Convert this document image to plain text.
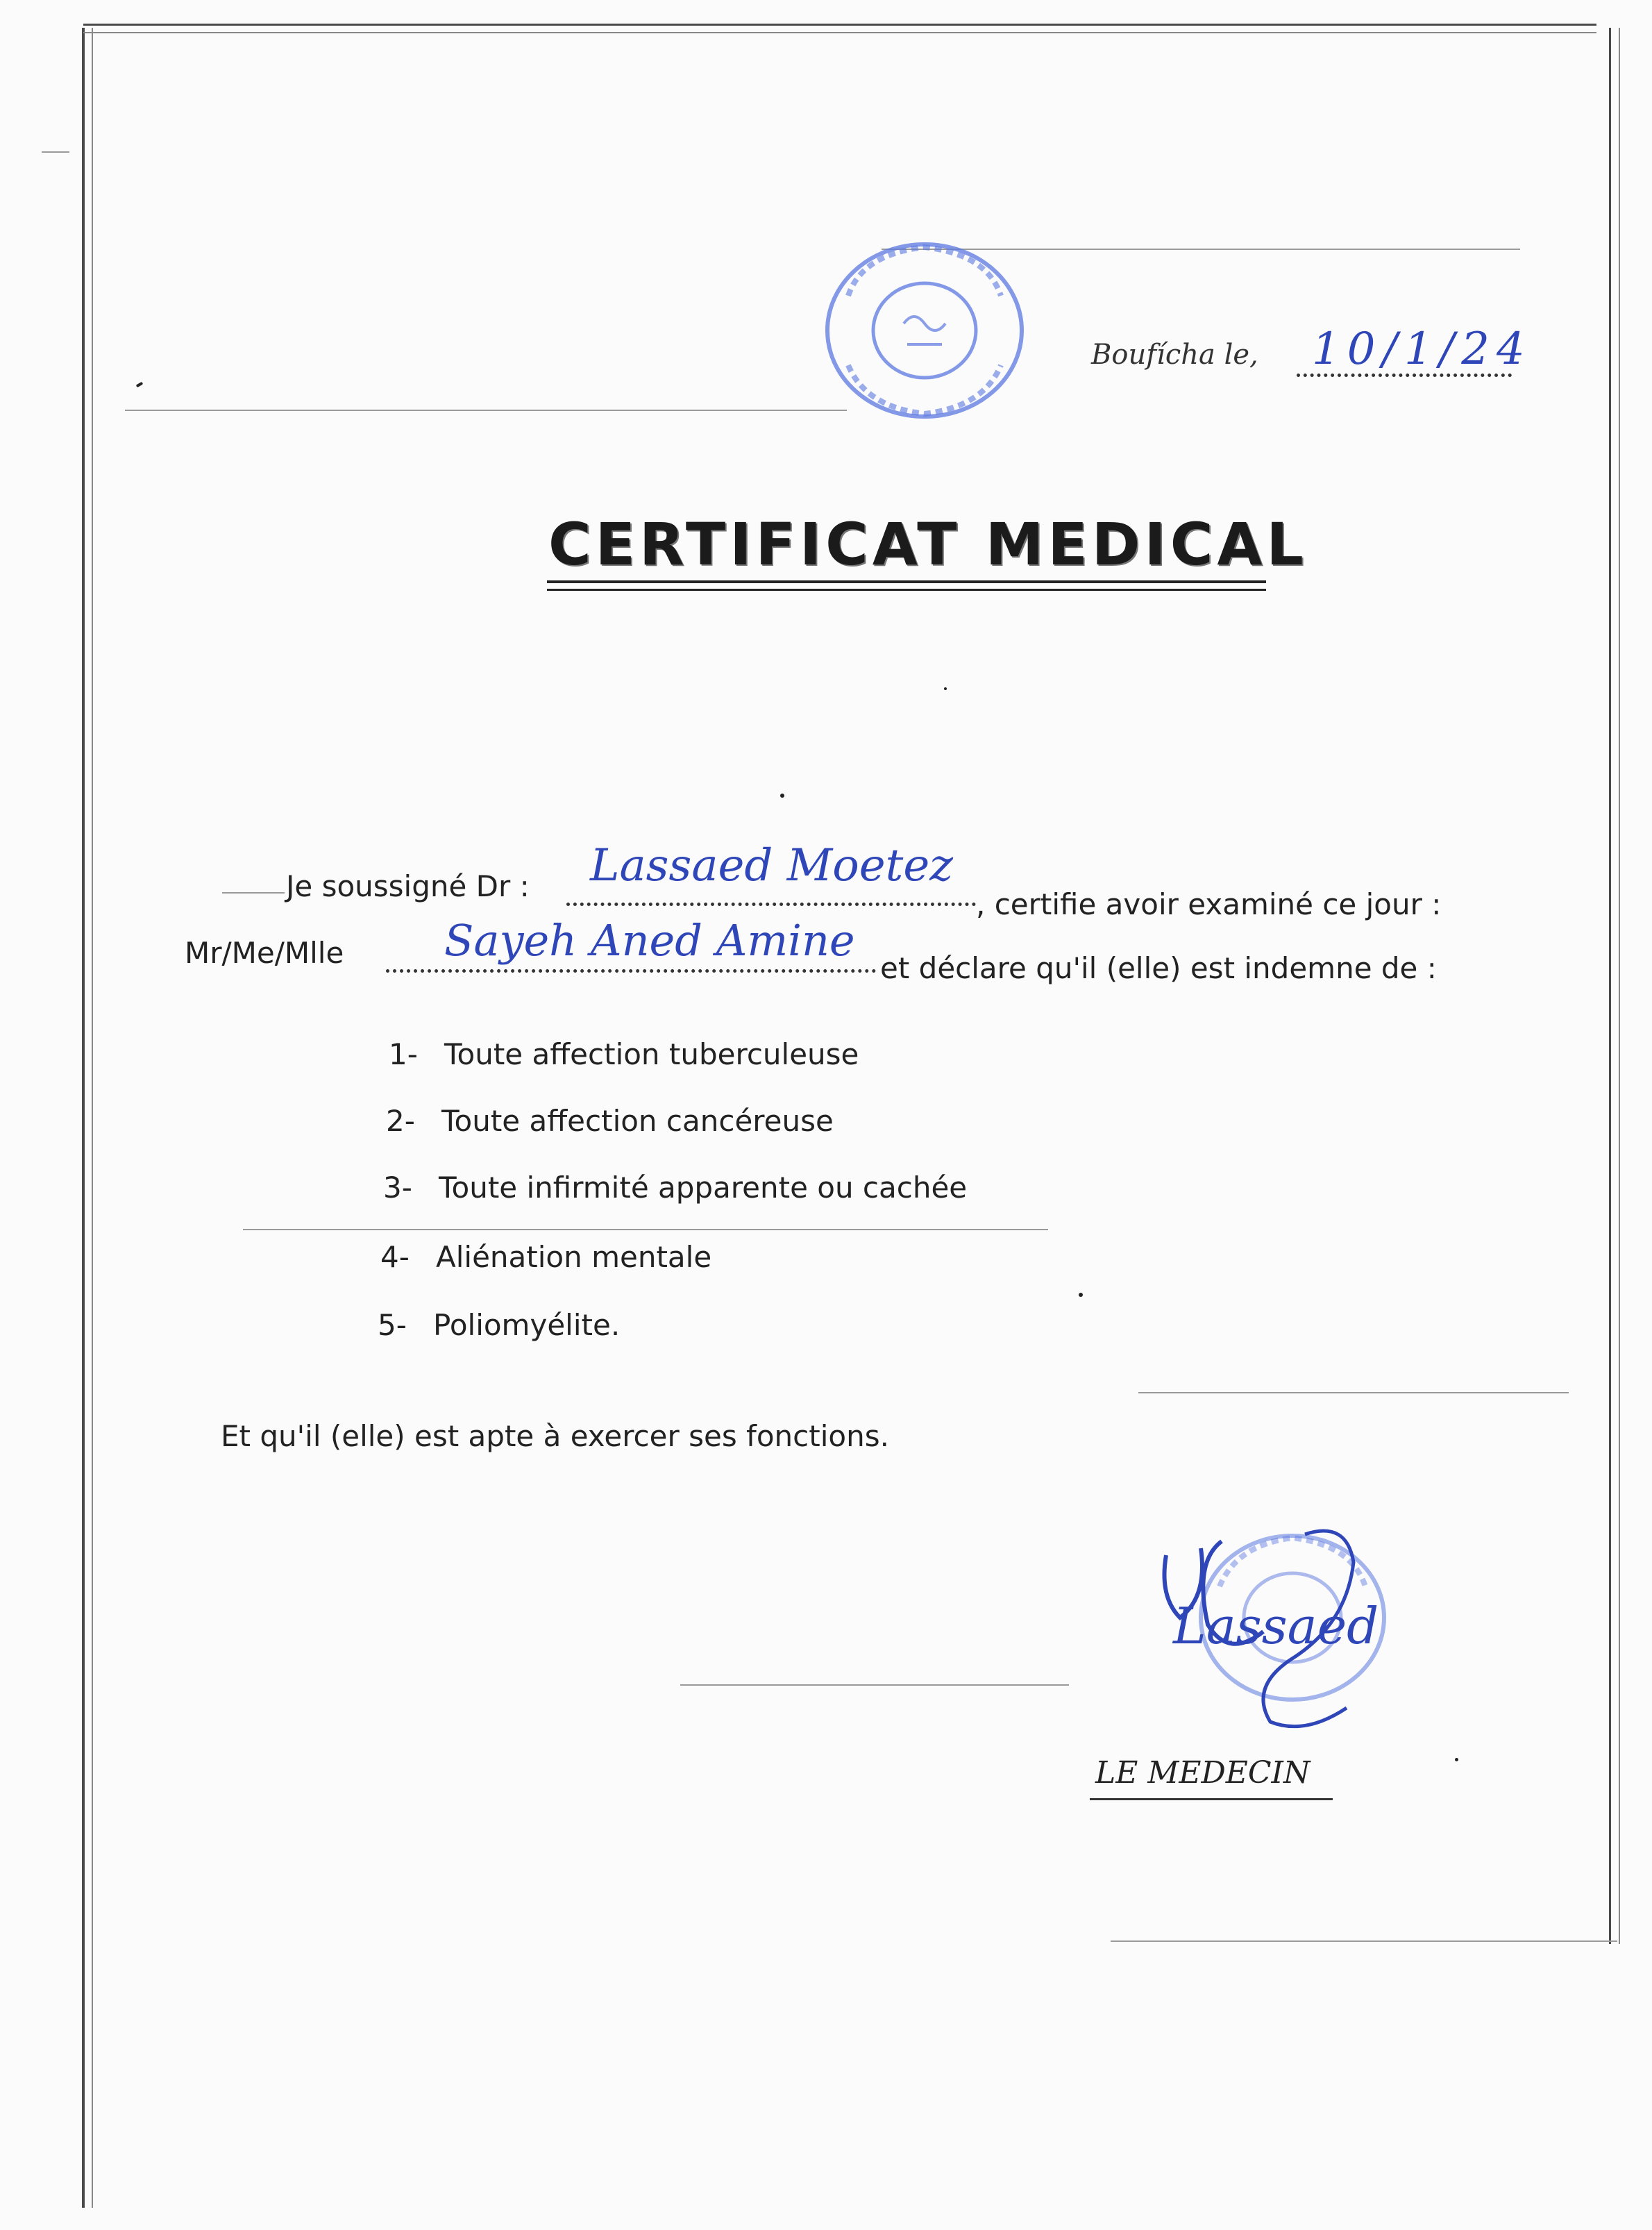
Boufícha le, 10/1/24
CERTIFICAT MEDICAL
Je soussigné Dr : Lassaed Moetez
, certifie avoir examiné ce jour :
Mr/Me/Mlle Sayeh Aned Amine
et déclare qu'il (elle) est indemne de :
1- Toute affection tuberculeuse
2- Toute affection cancéreuse
3- Toute infirmité apparente ou cachée
4- Aliénation mentale
5- Poliomyélite.
Et qu'il (elle) est apte à exercer ses fonctions.
Lassaed
LE MEDECIN
